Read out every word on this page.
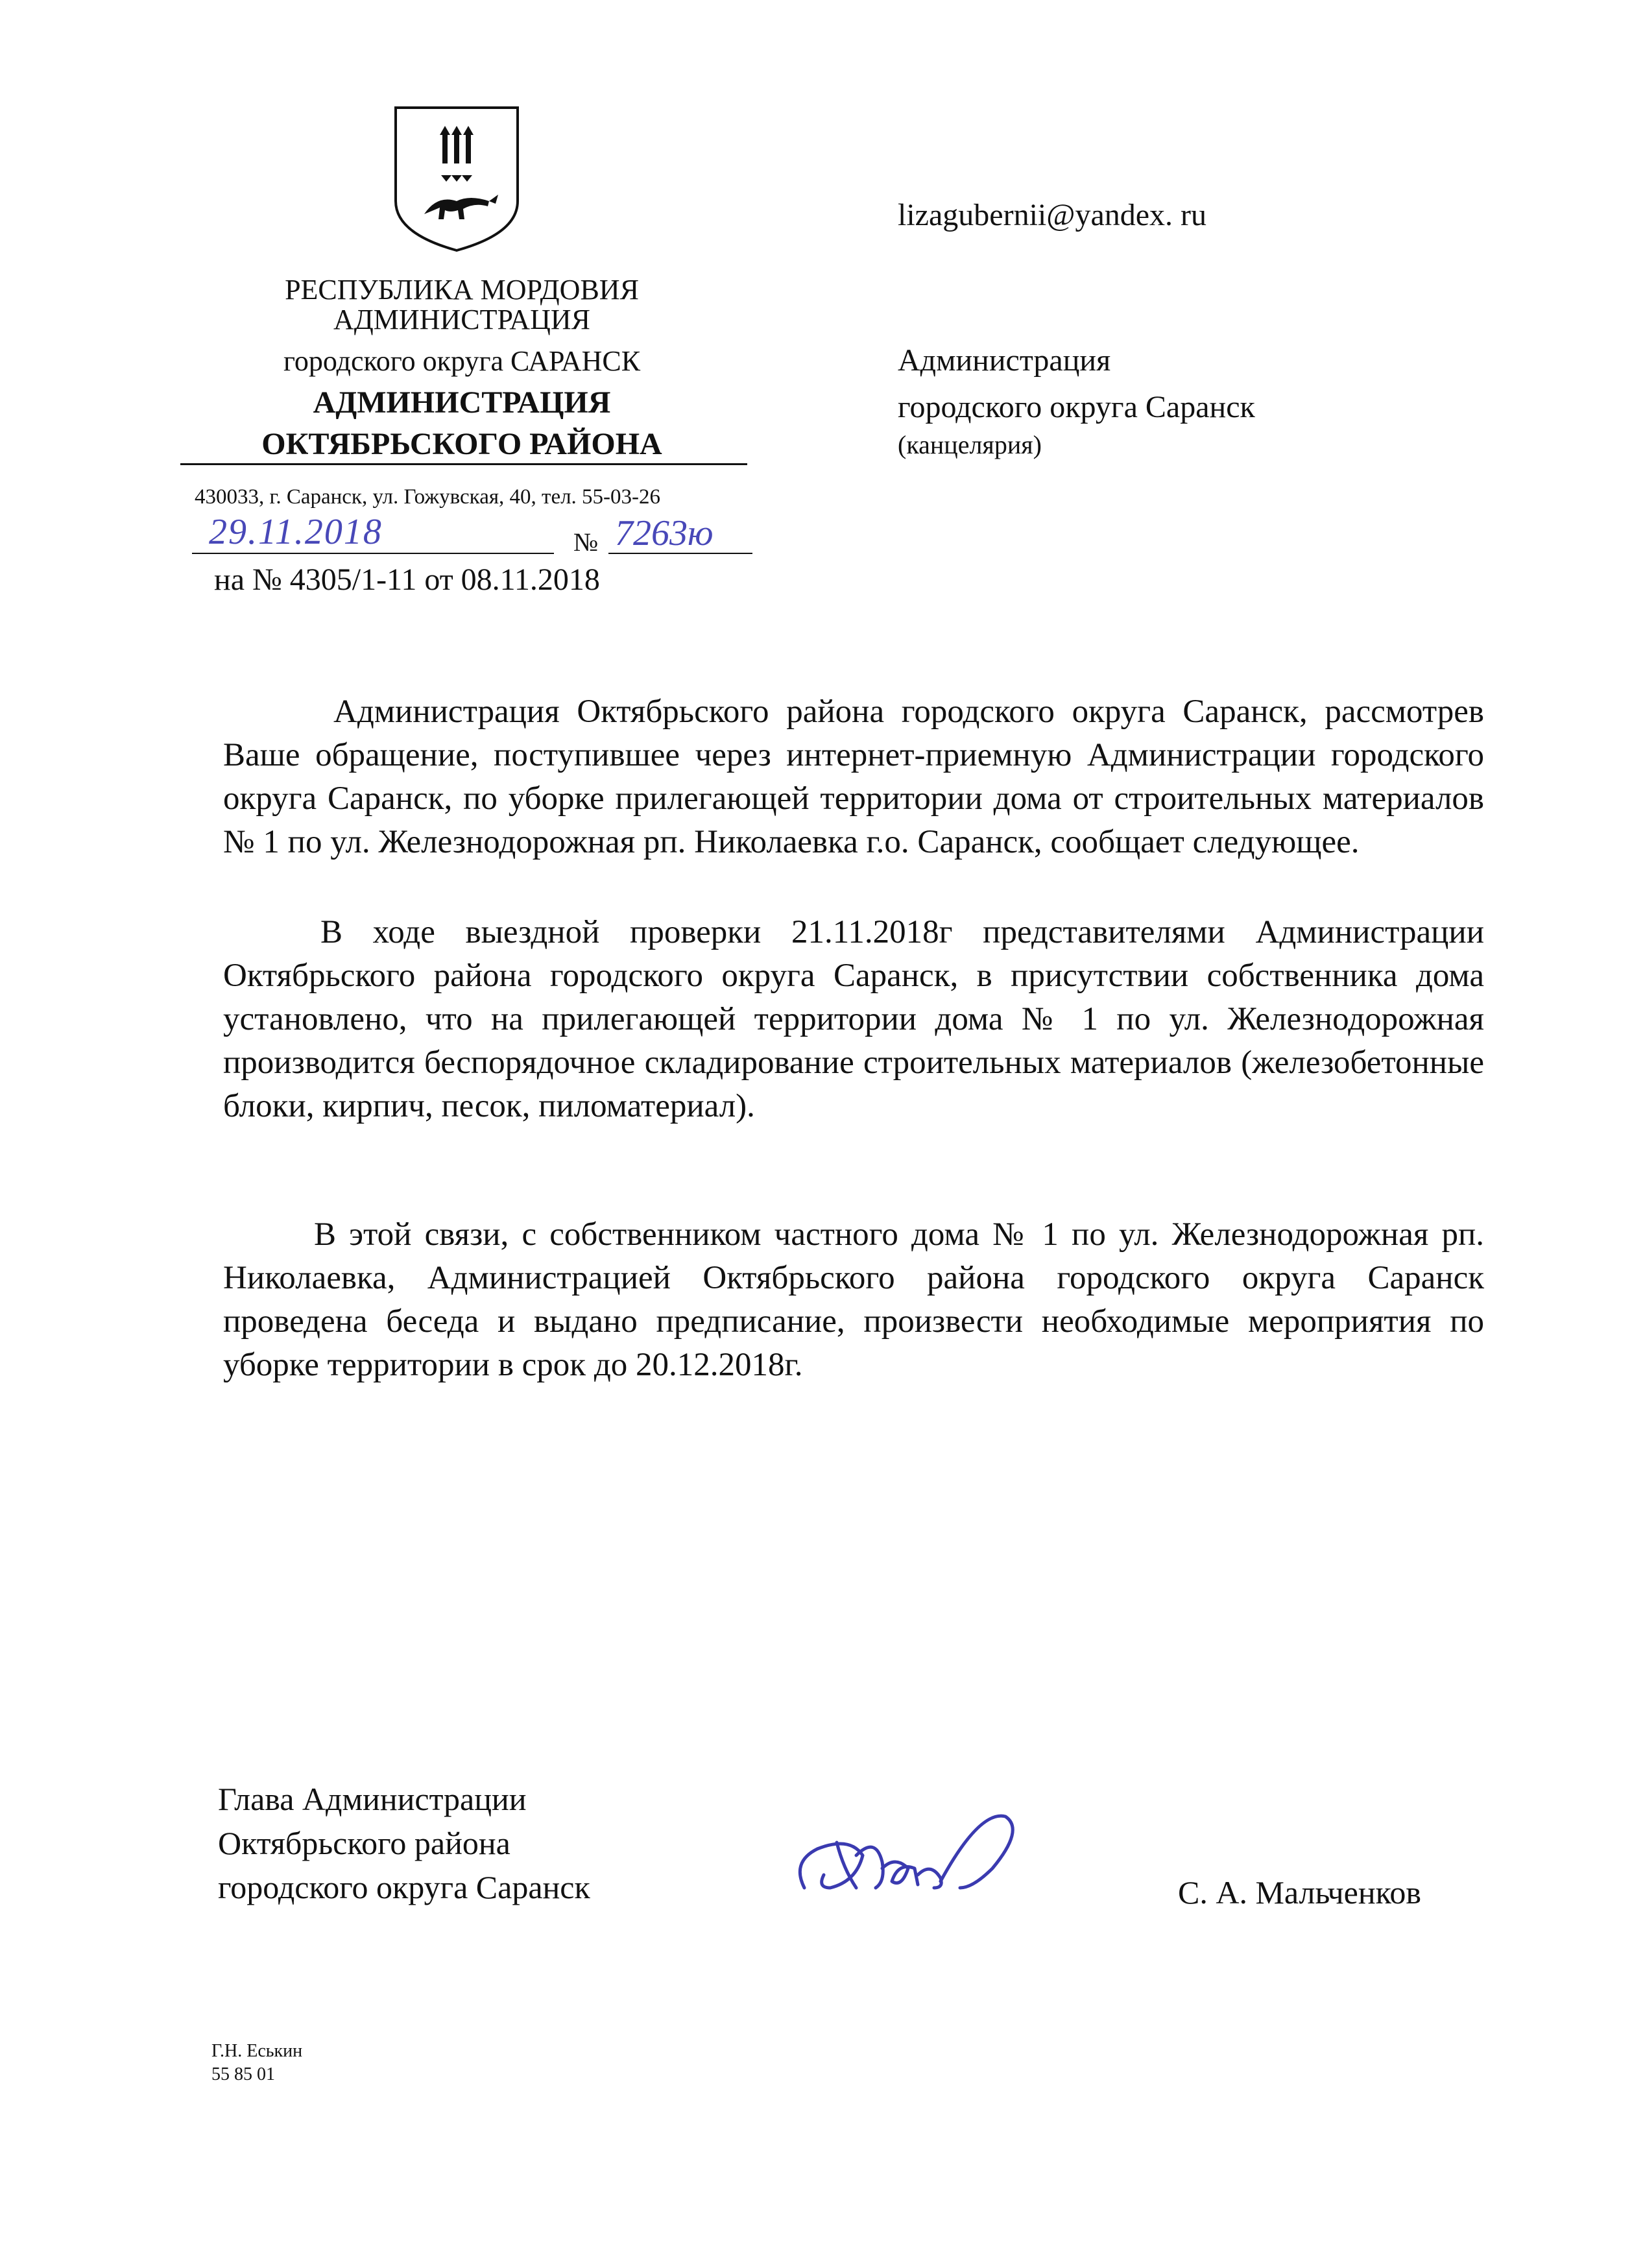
РЕСПУБЛИКА МОРДОВИЯ
АДМИНИСТРАЦИЯ
городского округа САРАНСК
АДМИНИСТРАЦИЯ
ОКТЯБРЬСКОГО РАЙОНА
430033, г. Саранск, ул. Гожувская, 40, тел. 55-03-26
29.11.2018	№ 7263ю
на № 4305/1-11 от 08.11.2018
lizagubernii@yandex. ru
Администрация
городского округа Саранск
(канцелярия)
Администрация Октябрьского района городского округа Саранск, рассмотрев Ваше обращение, поступившее через интернет-приемную Администрации городского округа Саранск, по уборке прилегающей территории дома от строительных материалов № 1 по ул. Железнодорожная рп. Николаевка г.о. Саранск, сообщает следующее.
В ходе выездной проверки 21.11.2018г представителями Администрации Октябрьского района городского округа Саранск, в присутствии собственника дома установлено, что на прилегающей территории дома № 1 по ул. Железнодорожная производится беспорядочное складирование строительных материалов (железобетонные блоки, кирпич, песок, пиломатериал).
В этой связи, с собственником частного дома № 1 по ул. Железнодорожная рп. Николаевка, Администрацией Октябрьского района городского округа Саранск проведена беседа и выдано предписание, произвести необходимые мероприятия по уборке территории в срок до 20.12.2018г.
Глава Администрации
Октябрьского района
городского округа Саранск	С. А. Мальченков
Г.Н. Еськин
55 85 01
